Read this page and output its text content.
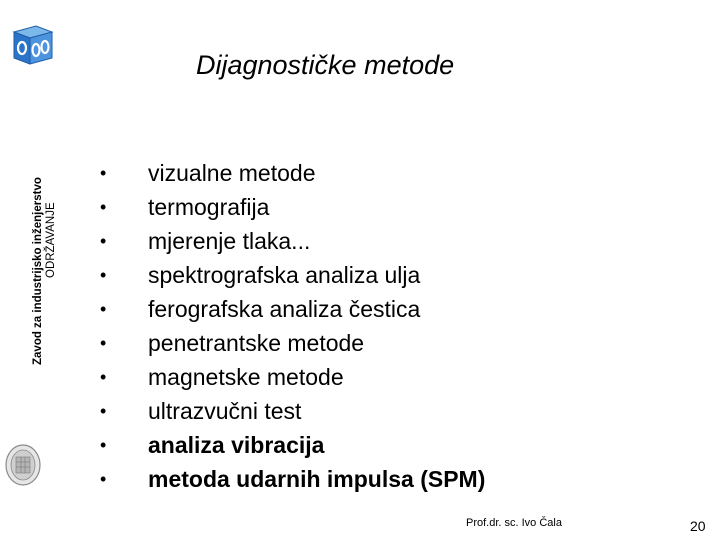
Zavod za industrijsko inženjerstvo ODRŽAVANJE
Dijagnostičke metode
•	vizualne metode
•	termografija
•	mjerenje tlaka...
•	spektrografska analiza ulja
•	ferografska analiza čestica
•	penetrantske metode
•	magnetske metode
•	ultrazvučni test
•	analiza vibracija
•	metoda udarnih impulsa (SPM)
Prof.dr. sc. Ivo Čala	20
